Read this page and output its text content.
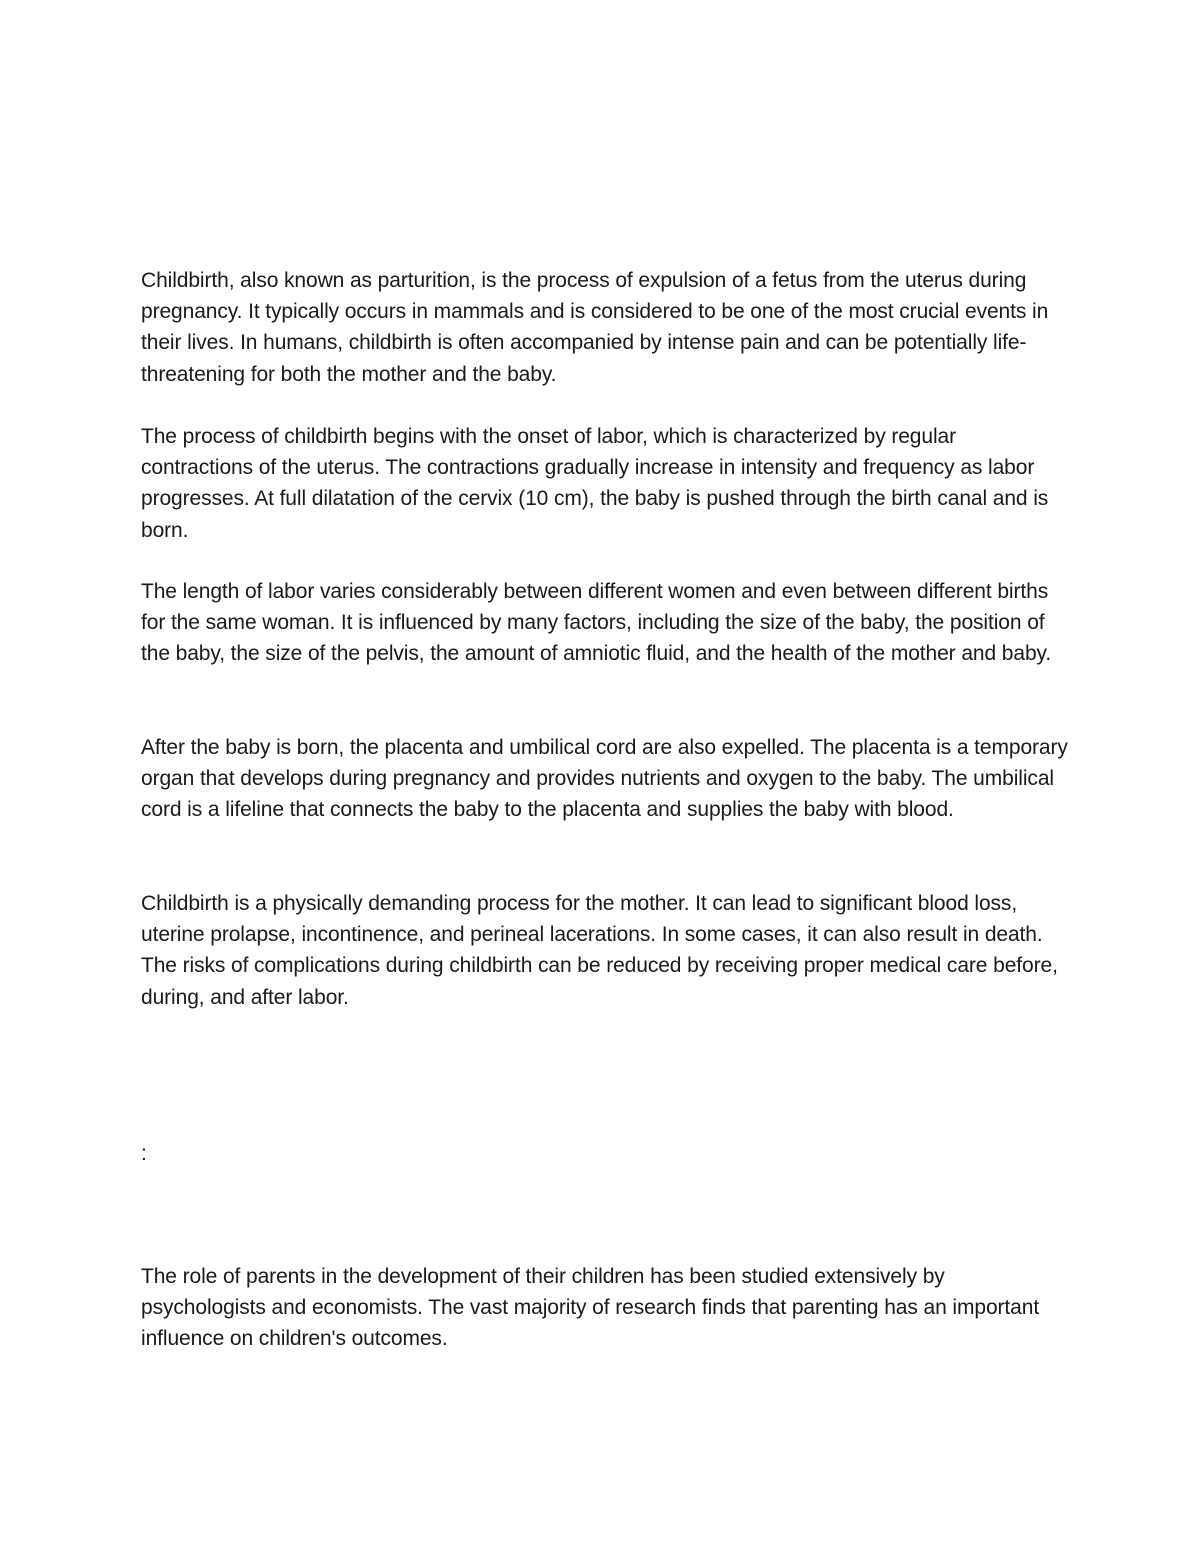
Childbirth, also known as parturition, is the process of expulsion of a fetus from the uterus during pregnancy. It typically occurs in mammals and is considered to be one of the most crucial events in their lives. In humans, childbirth is often accompanied by intense pain and can be potentially life-threatening for both the mother and the baby.

The process of childbirth begins with the onset of labor, which is characterized by regular contractions of the uterus. The contractions gradually increase in intensity and frequency as labor progresses. At full dilatation of the cervix (10 cm), the baby is pushed through the birth canal and is born.

The length of labor varies considerably between different women and even between different births for the same woman. It is influenced by many factors, including the size of the baby, the position of the baby, the size of the pelvis, the amount of amniotic fluid, and the health of the mother and baby.

After the baby is born, the placenta and umbilical cord are also expelled. The placenta is a temporary organ that develops during pregnancy and provides nutrients and oxygen to the baby. The umbilical cord is a lifeline that connects the baby to the placenta and supplies the baby with blood.

Childbirth is a physically demanding process for the mother. It can lead to significant blood loss, uterine prolapse, incontinence, and perineal lacerations. In some cases, it can also result in death. The risks of complications during childbirth can be reduced by receiving proper medical care before, during, and after labor.

:

The role of parents in the development of their children has been studied extensively by psychologists and economists. The vast majority of research finds that parenting has an important influence on children's outcomes.
